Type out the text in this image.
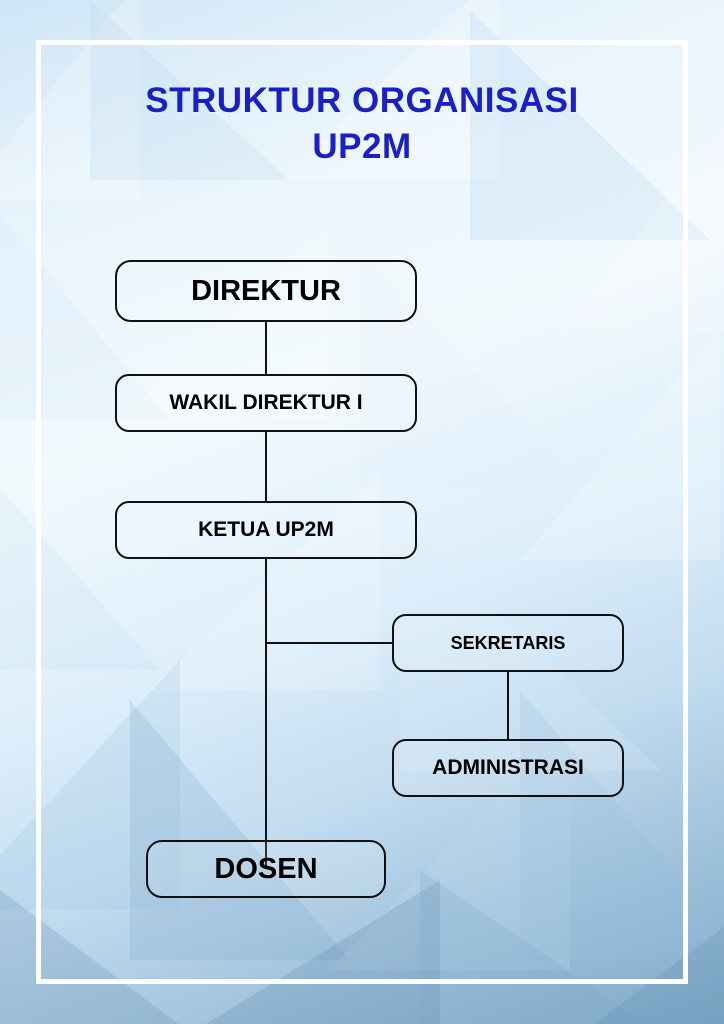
STRUKTUR ORGANISASI
UP2M
DIREKTUR
WAKIL DIREKTUR I
KETUA UP2M
SEKRETARIS
ADMINISTRASI
DOSEN
